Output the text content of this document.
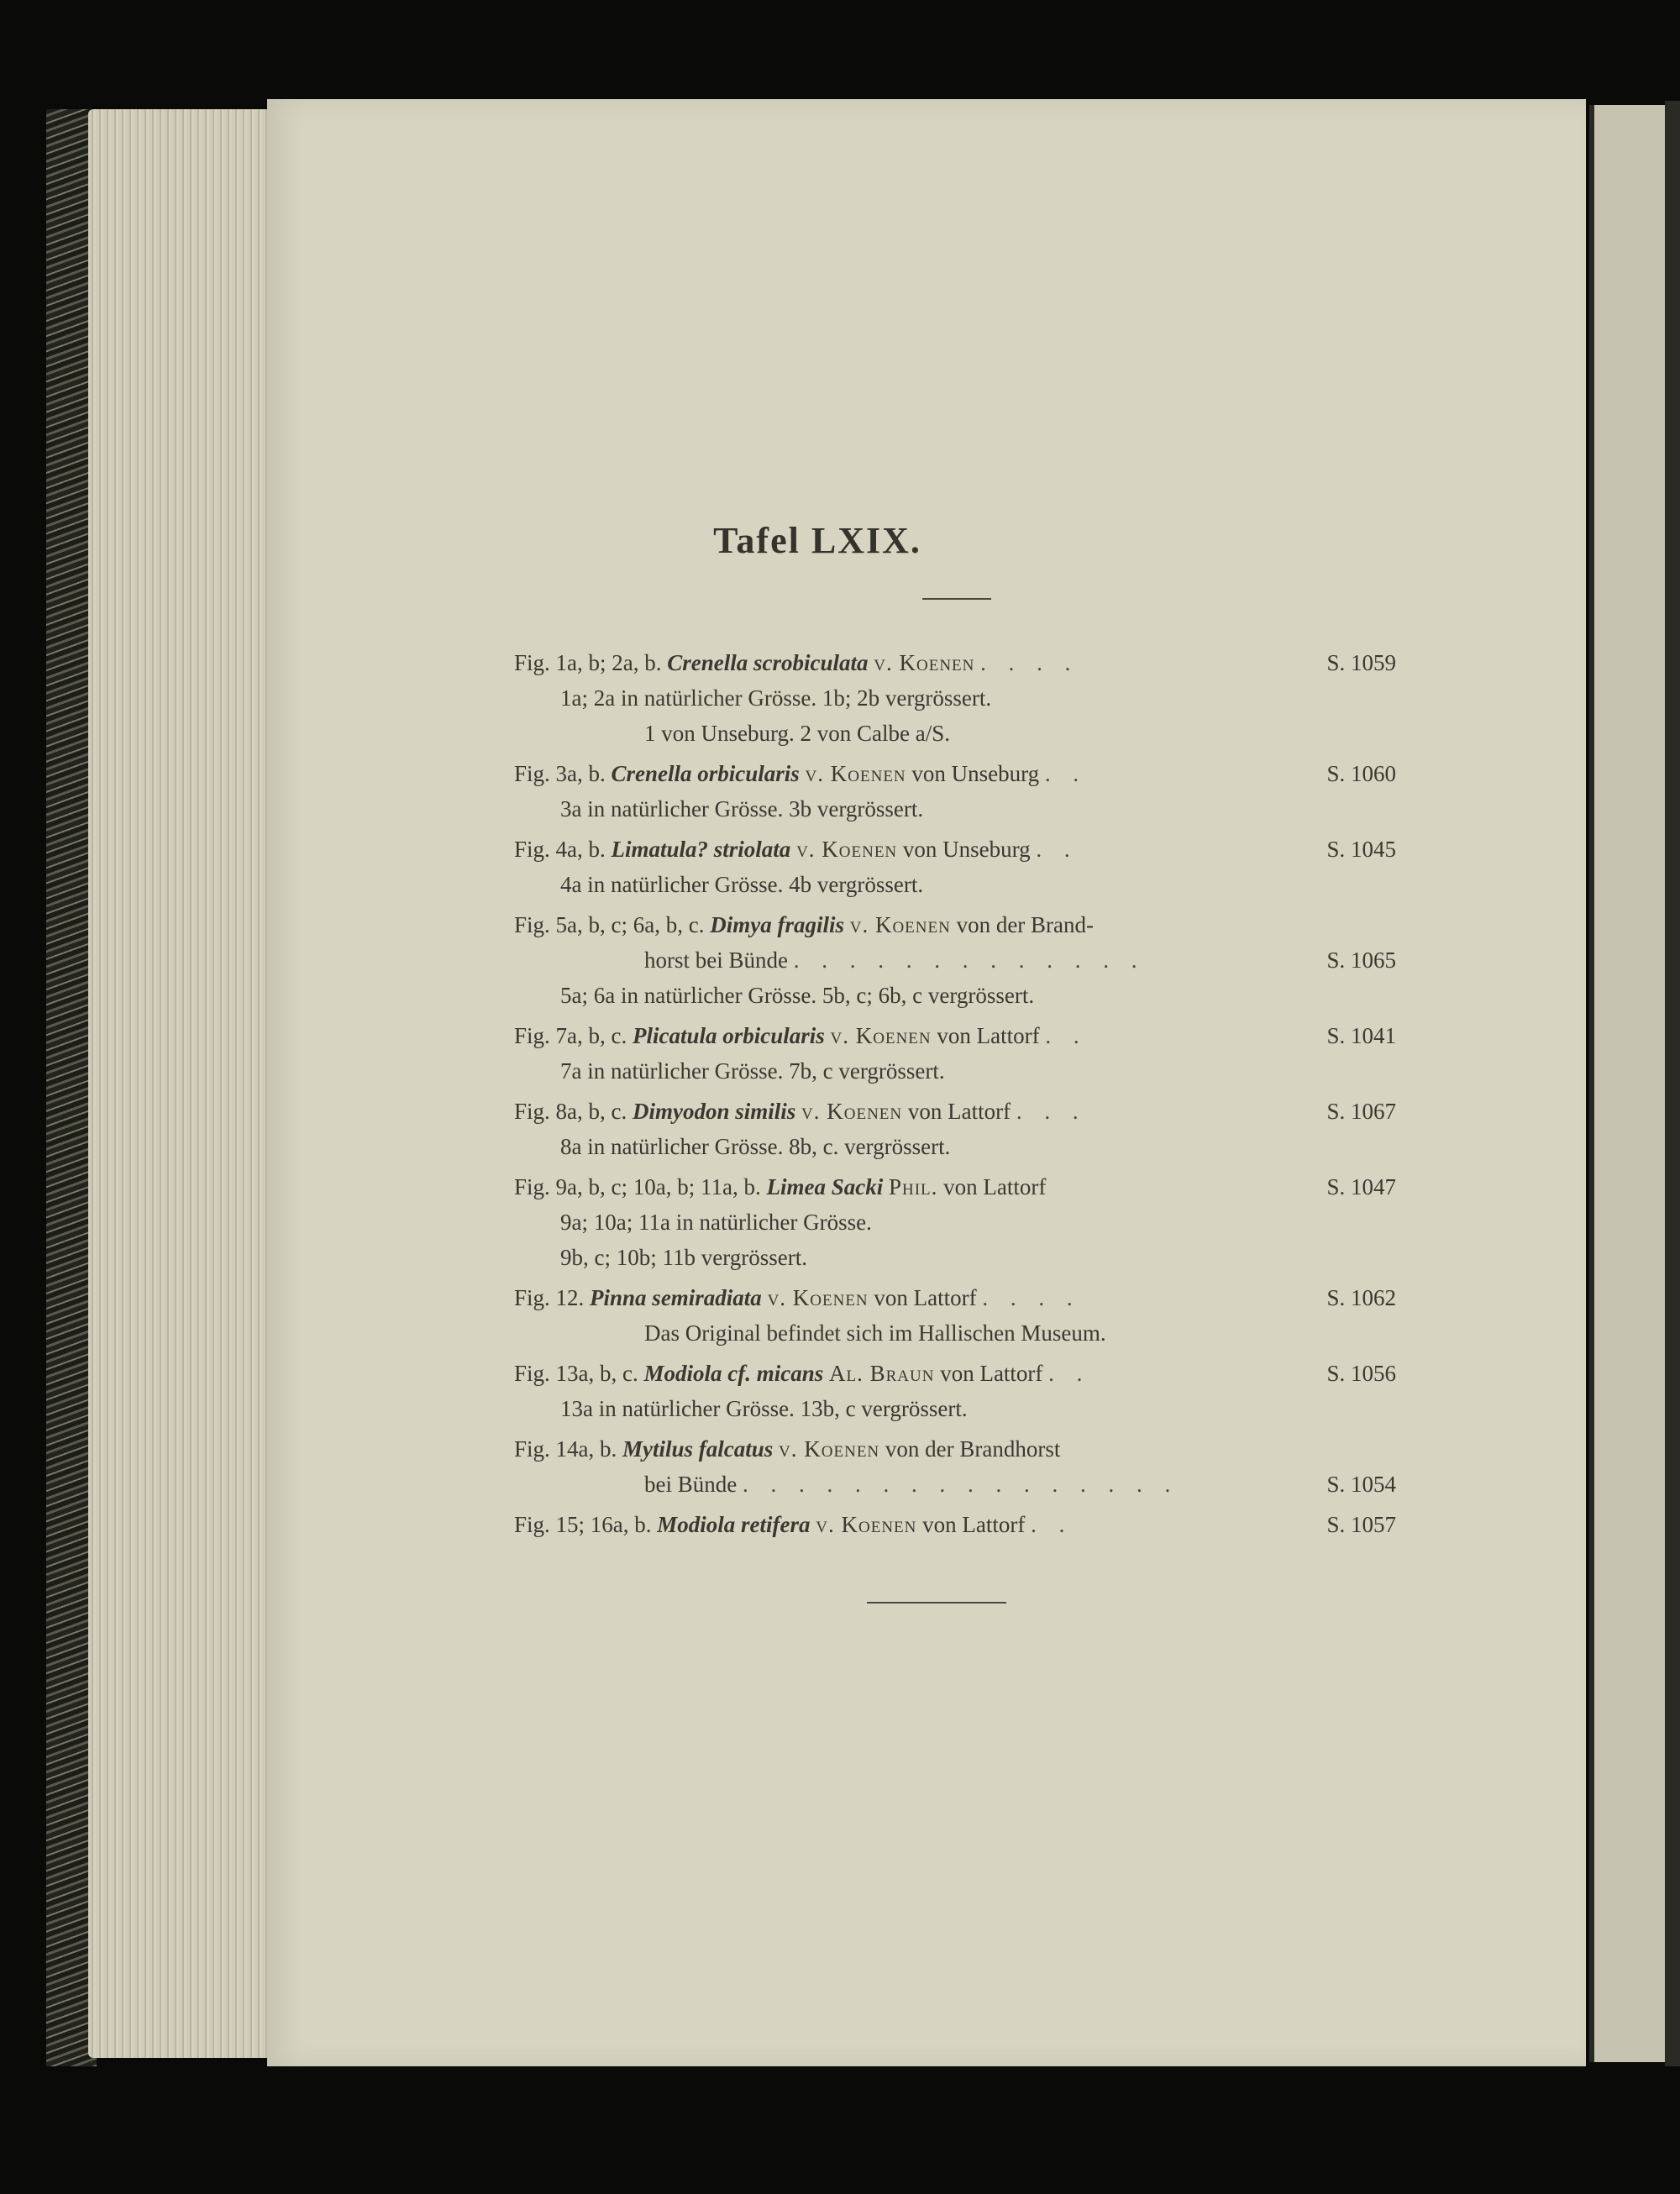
Tafel LXIX.
Fig. 1a, b; 2a, b. Crenella scrobiculata v. Koenen . . . .	S. 1059
1a; 2a in natürlicher Grösse. 1b; 2b vergrössert.
1 von Unseburg. 2 von Calbe a/S.
Fig. 3a, b. Crenella orbicularis v. Koenen von Unseburg . .	S. 1060
3a in natürlicher Grösse. 3b vergrössert.
Fig. 4a, b. Limatula? striolata v. Koenen von Unseburg . .	S. 1045
4a in natürlicher Grösse. 4b vergrössert.
Fig. 5a, b, c; 6a, b, c. Dimya fragilis v. Koenen von der Brand-
horst bei Bünde . . . . . . . . . . . . .	S. 1065
5a; 6a in natürlicher Grösse. 5b, c; 6b, c vergrössert.
Fig. 7a, b, c. Plicatula orbicularis v. Koenen von Lattorf . .	S. 1041
7a in natürlicher Grösse. 7b, c vergrössert.
Fig. 8a, b, c. Dimyodon similis v. Koenen von Lattorf . . .	S. 1067
8a in natürlicher Grösse. 8b, c. vergrössert.
Fig. 9a, b, c; 10a, b; 11a, b. Limea Sacki Phil. von Lattorf	S. 1047
9a; 10a; 11a in natürlicher Grösse.
9b, c; 10b; 11b vergrössert.
Fig. 12. Pinna semiradiata v. Koenen von Lattorf . . . .	S. 1062
Das Original befindet sich im Hallischen Museum.
Fig. 13a, b, c. Modiola cf. micans Al. Braun von Lattorf . .	S. 1056
13a in natürlicher Grösse. 13b, c vergrössert.
Fig. 14a, b. Mytilus falcatus v. Koenen von der Brandhorst
bei Bünde . . . . . . . . . . . . . . . .	S. 1054
Fig. 15; 16a, b. Modiola retifera v. Koenen von Lattorf . .	S. 1057
